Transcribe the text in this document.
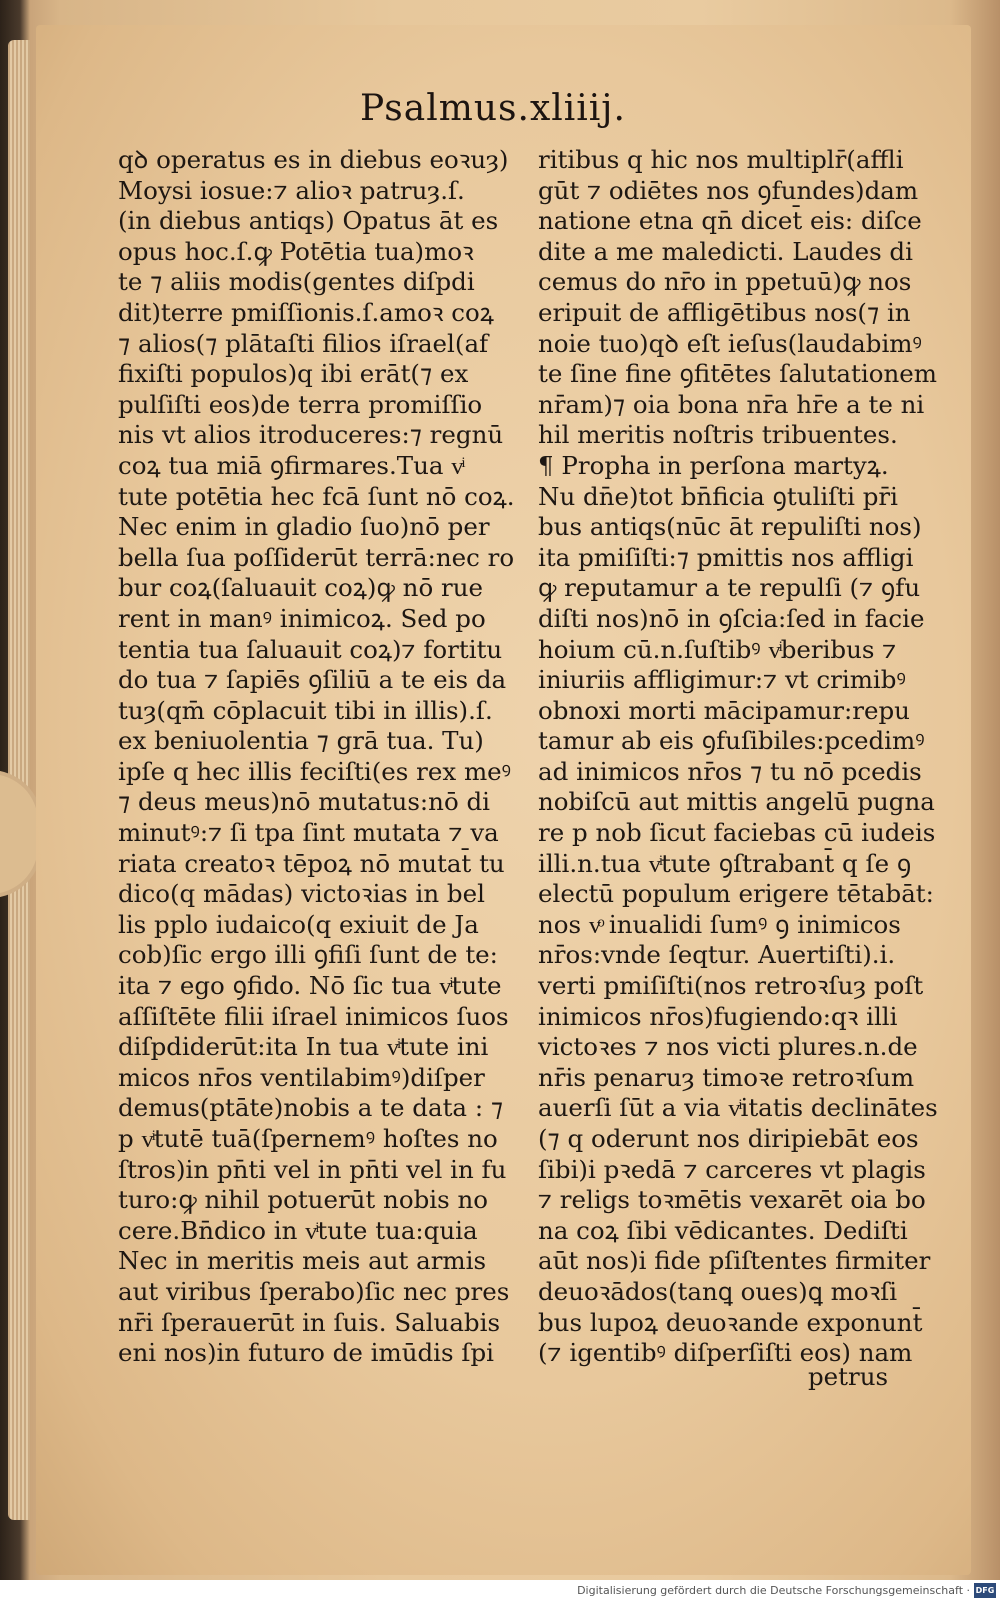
Psalmus.xliiij.
qꝺ operatus es in diebus eoꝛuȝ)
Moysi iosue:⁊ alioꝛ patruȝ.ſ.
(in diebus antiqs) Opatus āt es
opus hoc.ſ.ꝙ Potētia tua)moꝛ
te ⁊ aliis modis(gentes diſpdi
dit)terre pmiſſionis.ſ.amoꝛ coꝝ
⁊ alios(⁊ plātaſti filios iſrael(af
fixiſti populos)q ibi erāt(⁊ ex
pulſiſti eos)de terra promiſſio
nis vt alios itroduceres:⁊ regnū
coꝝ tua miā ꝯfirmares.Tua vͥ
tute potētia hec fcā ſunt nō coꝝ.
Nec enim in gladio ſuo)nō per
bella ſua poſſiderūt terrā:nec ro
bur coꝝ(ſaluauit coꝝ)ꝙ nō rue
rent in manꝰ inimicoꝝ. Sed po
tentia tua ſaluauit coꝝ)⁊ fortitu
do tua ⁊ ſapiēs ꝯſiliū a te eis da
tuȝ(qm̄ cōplacuit tibi in illis).ſ.
ex beniuolentia ⁊ grā tua. Tu)
ipſe q hec illis feciſti(es rex meꝰ
⁊ deus meus)nō mutatus:nō di
minutꝰ:⁊ ſi tpa ſint mutata ⁊ va
riata creatoꝛ tēpoꝝ nō mutat̄ tu
dico(q mādas) victoꝛias in bel
lis pplo iudaico(q exiuit de Ja
cob)ſic ergo illi ꝯfiſi ſunt de te:
ita ⁊ ego ꝯfido. Nō ſic tua vͥtute
aſſiſtēte filii iſrael inimicos ſuos
diſpdiderūt:ita In tua vͥtute ini
micos nr̄os ventilabimꝰ)diſper
demus(ptāte)nobis a te data : ⁊
p vͥtutē tuā(ſpernemꝰ hoſtes no
ſtros)in pn̄ti vel in pn̄ti vel in fu
turo:ꝙ nihil potuerūt nobis no
cere.Bn̄dico in vͥtute tua:quia
Nec in meritis meis aut armis
aut viribus ſperabo)ſic nec pres
nr̄i ſperauerūt in ſuis. Saluabis
eni nos)in futuro de imūdis ſpi
ritibus q hic nos multiplr̄(affli
gūt ⁊ odiētes nos ꝯfundes)dam
natione etna qn̄ dicet̄ eis: diſce
dite a me maledicti. Laudes di
cemus do nr̄o in ppetuū)ꝙ nos
eripuit de affligētibus nos(⁊ in
noie tuo)qꝺ eſt ieſus(laudabimꝰ
te ſine fine ꝯfitētes ſalutationem
nr̄am)⁊ oia bona nr̄a hr̄e a te ni
hil meritis noſtris tribuentes.
¶ Propha in perſona martyꝝ.
Nu dn̄e)tot bn̄ficia ꝯtuliſti pr̄i
bus antiqs(nūc āt repuliſti nos)
ita pmiſiſti:⁊ pmittis nos affligi
ꝙ reputamur a te repulſi (⁊ ꝯfu
diſti nos)nō in ꝯſcia:ſed in facie
hoium cū.n.ſuſtibꝰ vͥberibus ⁊
iniuriis affligimur:⁊ vt crimibꝰ
obnoxi morti mācipamur:repu
tamur ab eis ꝯfuſibiles:pcedimꝰ
ad inimicos nr̄os ⁊ tu nō pcedis
nobiſcū aut mittis angelū pugna
re p nob ſicut faciebas cū iudeis
illi.n.tua vͥtute ꝯſtrabant̄ q ſe ꝯ
electū populum erigere tētabāt:
nos vͦ inualidi ſumꝰ ꝯ inimicos
nr̄os:vnde ſeqtur. Auertiſti).i.
verti pmiſiſti(nos retroꝛſuȝ poſt
inimicos nr̄os)fugiendo:qꝛ illi
victoꝛes ⁊ nos victi plures.n.de
nr̄is penaruȝ timoꝛe retroꝛſum
auerſi ſūt a via vͥitatis declinātes
(⁊ q oderunt nos diripiebāt eos
ſibi)i pꝛedā ⁊ carceres vt plagis
⁊ religs toꝛmētis vexarēt oia bo
na coꝝ ſibi vēdicantes. Dediſti
aūt nos)i fide pſiſtentes firmiter
deuoꝛādos(tanꝗ oues)ꝗ moꝛſi
bus lupoꝝ deuoꝛande exponunt̄
(⁊ igentibꝰ diſperſiſti eos) nam
petrus
Digitalisierung gefördert durch die Deutsche Forschungsgemeinschaft · DFG
